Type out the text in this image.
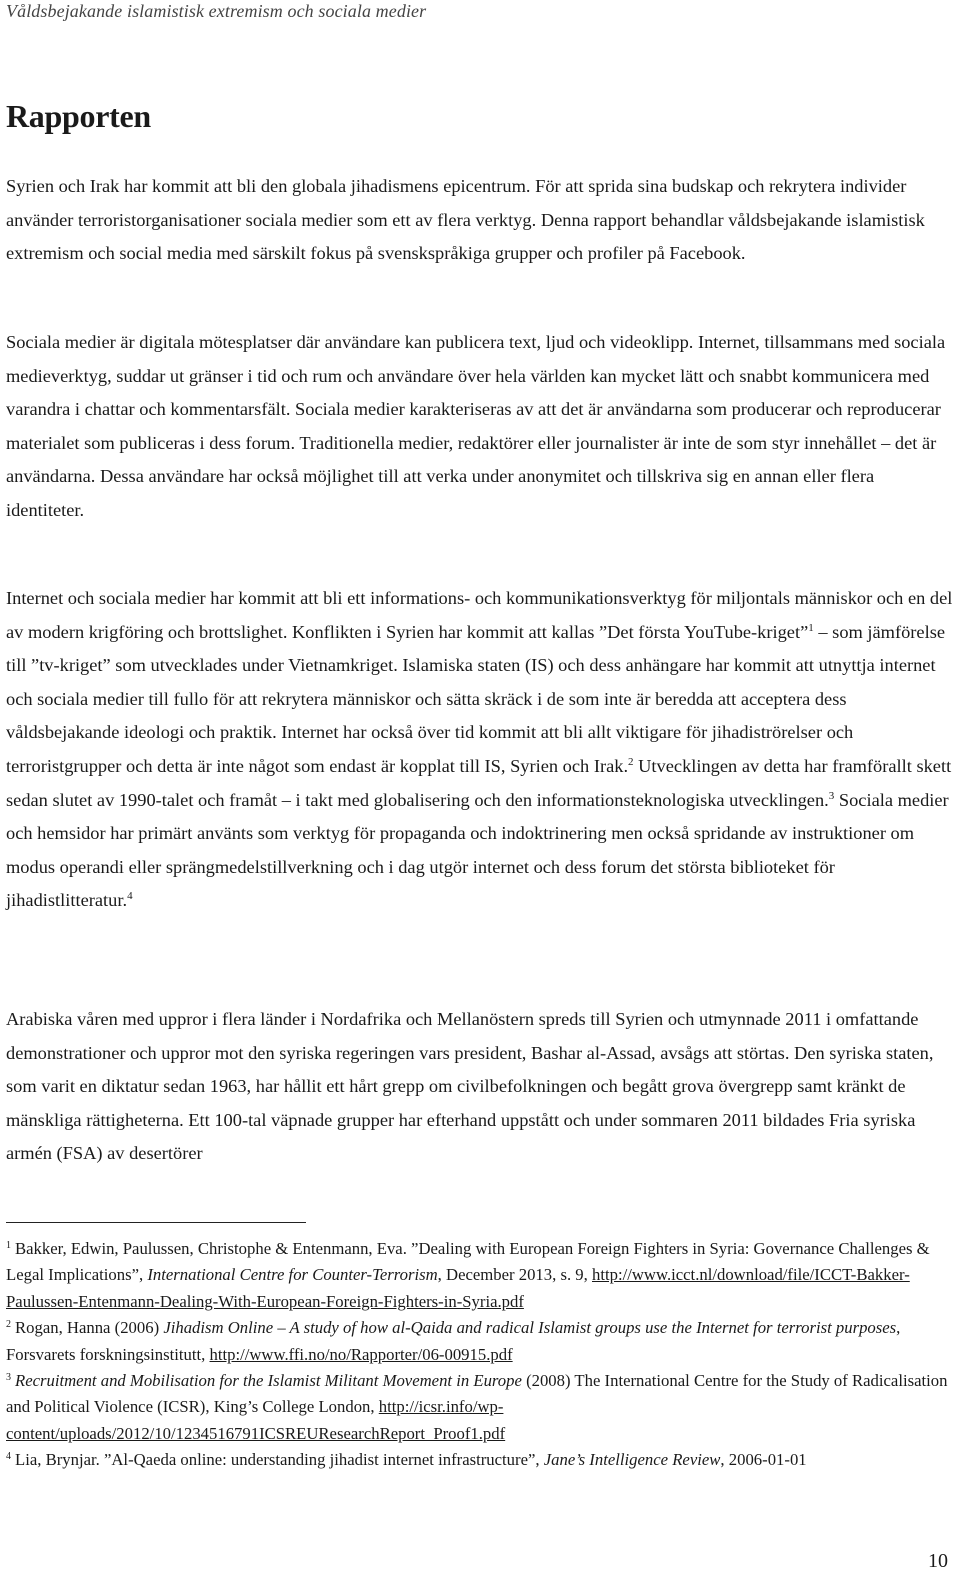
Våldsbejakande islamistisk extremism och sociala medier
Rapporten

Syrien och Irak har kommit att bli den globala jihadismens epicentrum. För att sprida sina budskap och rekrytera individer använder terroristorganisationer sociala medier som ett av flera verktyg. Denna rapport behandlar våldsbejakande islamistisk extremism och social media med särskilt fokus på svenskspråkiga grupper och profiler på Facebook.

Sociala medier är digitala mötesplatser där användare kan publicera text, ljud och videoklipp. Internet, tillsammans med sociala medieverktyg, suddar ut gränser i tid och rum och användare över hela världen kan mycket lätt och snabbt kommunicera med varandra i chattar och kommentarsfält. Sociala medier karakteriseras av att det är användarna som producerar och reproducerar materialet som publiceras i dess forum. Traditionella medier, redaktörer eller journalister är inte de som styr innehållet – det är användarna. Dessa användare har också möjlighet till att verka under anonymitet och tillskriva sig en annan eller flera identiteter.

Internet och sociala medier har kommit att bli ett informations- och kommunikationsverktyg för miljontals människor och en del av modern krigföring och brottslighet. Konflikten i Syrien har kommit att kallas ”Det första YouTube-kriget”$^1$ – som jämförelse till ”tv-kriget” som utvecklades under Vietnamkriget. Islamiska staten (IS) och dess anhängare har kommit att utnyttja internet och sociala medier till fullo för att rekrytera människor och sätta skräck i de som inte är beredda att acceptera dess våldsbejakande ideologi och praktik. Internet har också över tid kommit att bli allt viktigare för jihadiströrelser och terroristgrupper och detta är inte något som endast är kopplat till IS, Syrien och Irak.$^2$ Utvecklingen av detta har framförallt skett sedan slutet av 1990-talet och framåt – i takt med globalisering och den informationsteknologiska utvecklingen.$^3$ Sociala medier och hemsidor har primärt använts som verktyg för propaganda och indoktrinering men också spridande av instruktioner om modus operandi eller sprängmedelstillverkning och i dag utgör internet och dess forum det största biblioteket för jihadistlitteratur.$^4$

Arabiska våren med uppror i flera länder i Nordafrika och Mellanöstern spreds till Syrien och utmynnade 2011 i omfattande demonstrationer och uppror mot den syriska regeringen vars president, Bashar al-Assad, avsågs att störtas. Den syriska staten, som varit en diktatur sedan 1963, har hållit ett hårt grepp om civilbefolkningen och begått grova övergrepp samt kränkt de mänskliga rättigheterna. Ett 100-tal väpnade grupper har efterhand uppstått och under sommaren 2011 bildades Fria syriska armén (FSA) av desertörer

$^1$ Bakker, Edwin, Paulussen, Christophe & Entenmann, Eva. ”Dealing with European Foreign Fighters in Syria: Governance Challenges & Legal Implications”, International Centre for Counter-Terrorism, December 2013, s. 9, http://www.icct.nl/download/file/ICCT-Bakker-Paulussen-Entenmann-Dealing-With-European-Foreign-Fighters-in-Syria.pdf

$^2$ Rogan, Hanna (2006) Jihadism Online – A study of how al-Qaida and radical Islamist groups use the Internet for terrorist purposes, Forsvarets forskningsinstitutt, http://www.ffi.no/no/Rapporter/06-00915.pdf

$^3$ Recruitment and Mobilisation for the Islamist Militant Movement in Europe (2008) The International Centre for the Study of Radicalisation and Political Violence (ICSR), King’s College London, http://icsr.info/wp-content/uploads/2012/10/1234516791ICSREUResearchReport_Proof1.pdf

$^4$ Lia, Brynjar. ”Al-Qaeda online: understanding jihadist internet infrastructure”, Jane’s Intelligence Review, 2006-01-01

10
